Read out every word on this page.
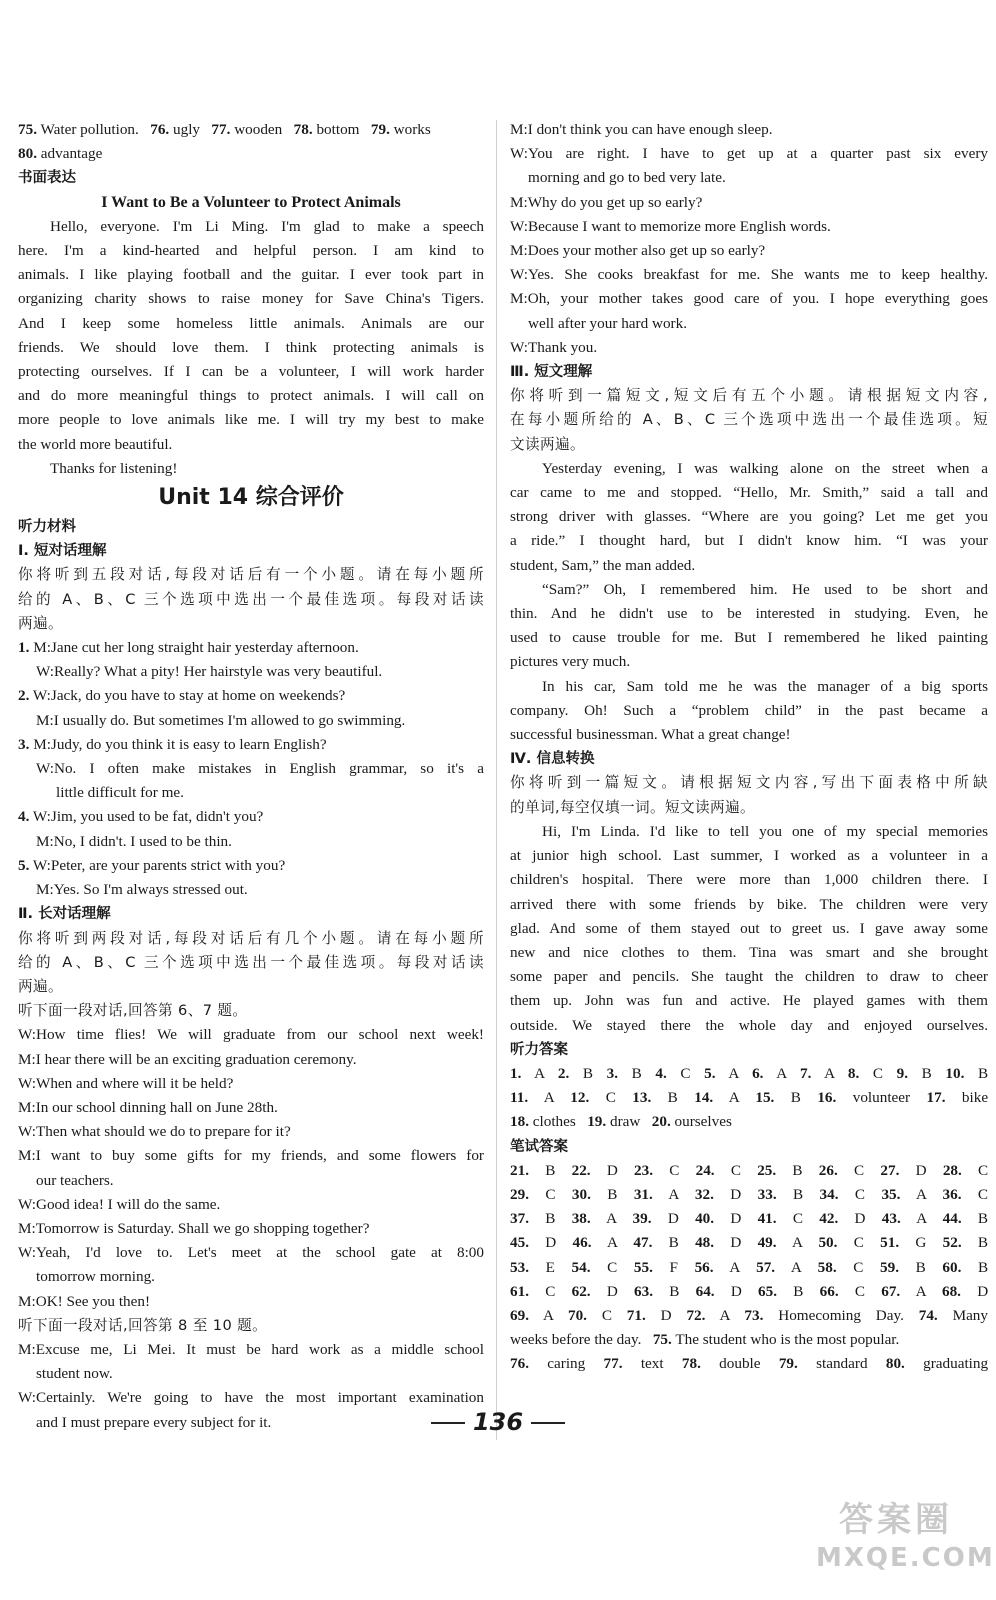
75. Water pollution. 76. ugly 77. wooden 78. bottom 79. works
80. advantage
书面表达
I Want to Be a Volunteer to Protect Animals
Hello, everyone. I'm Li Ming. I'm glad to make a speech
here. I'm a kind-hearted and helpful person. I am kind to
animals. I like playing football and the guitar. I ever took part in
organizing charity shows to raise money for Save China's Tigers.
And I keep some homeless little animals. Animals are our
friends. We should love them. I think protecting animals is
protecting ourselves. If I can be a volunteer, I will work harder
and do more meaningful things to protect animals. I will call on
more people to love animals like me. I will try my best to make
the world more beautiful.
Thanks for listening!
Unit 14 综合评价
听力材料
Ⅰ. 短对话理解
你将听到五段对话,每段对话后有一个小题。请在每小题所
给的 A、B、C 三个选项中选出一个最佳选项。每段对话读
两遍。
1. M:Jane cut her long straight hair yesterday afternoon.
W:Really? What a pity! Her hairstyle was very beautiful.
2. W:Jack, do you have to stay at home on weekends?
M:I usually do. But sometimes I'm allowed to go swimming.
3. M:Judy, do you think it is easy to learn English?
W:No. I often make mistakes in English grammar, so it's a
little difficult for me.
4. W:Jim, you used to be fat, didn't you?
M:No, I didn't. I used to be thin.
5. W:Peter, are your parents strict with you?
M:Yes. So I'm always stressed out.
Ⅱ. 长对话理解
你将听到两段对话,每段对话后有几个小题。请在每小题所
给的 A、B、C 三个选项中选出一个最佳选项。每段对话读
两遍。
听下面一段对话,回答第 6、7 题。
W:How time flies! We will graduate from our school next week!
M:I hear there will be an exciting graduation ceremony.
W:When and where will it be held?
M:In our school dinning hall on June 28th.
W:Then what should we do to prepare for it?
M:I want to buy some gifts for my friends, and some flowers for
our teachers.
W:Good idea! I will do the same.
M:Tomorrow is Saturday. Shall we go shopping together?
W:Yeah, I'd love to. Let's meet at the school gate at 8:00
tomorrow morning.
M:OK! See you then!
听下面一段对话,回答第 8 至 10 题。
M:Excuse me, Li Mei. It must be hard work as a middle school
student now.
W:Certainly. We're going to have the most important examination
and I must prepare every subject for it.
M:I don't think you can have enough sleep.
W:You are right. I have to get up at a quarter past six every
morning and go to bed very late.
M:Why do you get up so early?
W:Because I want to memorize more English words.
M:Does your mother also get up so early?
W:Yes. She cooks breakfast for me. She wants me to keep healthy.
M:Oh, your mother takes good care of you. I hope everything goes
well after your hard work.
W:Thank you.
Ⅲ. 短文理解
你将听到一篇短文,短文后有五个小题。请根据短文内容,
在每小题所给的 A、B、C 三个选项中选出一个最佳选项。短
文读两遍。
Yesterday evening, I was walking alone on the street when a
car came to me and stopped. “Hello, Mr. Smith,” said a tall and
strong driver with glasses. “Where are you going? Let me get you
a ride.” I thought hard, but I didn't know him. “I was your
student, Sam,” the man added.
“Sam?” Oh, I remembered him. He used to be short and
thin. And he didn't use to be interested in studying. Even, he
used to cause trouble for me. But I remembered he liked painting
pictures very much.
In his car, Sam told me he was the manager of a big sports
company. Oh! Such a “problem child” in the past became a
successful businessman. What a great change!
Ⅳ. 信息转换
你将听到一篇短文。请根据短文内容,写出下面表格中所缺
的单词,每空仅填一词。短文读两遍。
Hi, I'm Linda. I'd like to tell you one of my special memories
at junior high school. Last summer, I worked as a volunteer in a
children's hospital. There were more than 1,000 children there. I
arrived there with some friends by bike. The children were very
glad. And some of them stayed out to greet us. I gave away some
new and nice clothes to them. Tina was smart and she brought
some paper and pencils. She taught the children to draw to cheer
them up. John was fun and active. He played games with them
outside. We stayed there the whole day and enjoyed ourselves.
听力答案
1. A 2. B 3. B 4. C 5. A 6. A 7. A 8. C 9. B 10. B
11. A 12. C 13. B 14. A 15. B 16. volunteer 17. bike
18. clothes 19. draw 20. ourselves
笔试答案
21. B 22. D 23. C 24. C 25. B 26. C 27. D 28. C
29. C 30. B 31. A 32. D 33. B 34. C 35. A 36. C
37. B 38. A 39. D 40. D 41. C 42. D 43. A 44. B
45. D 46. A 47. B 48. D 49. A 50. C 51. G 52. B
53. E 54. C 55. F 56. A 57. A 58. C 59. B 60. B
61. C 62. D 63. B 64. D 65. B 66. C 67. A 68. D
69. A 70. C 71. D 72. A 73. Homecoming Day. 74. Many
weeks before the day. 75. The student who is the most popular.
76. caring 77. text 78. double 79. standard 80. graduating
136
答案圈
MXQE.COM
